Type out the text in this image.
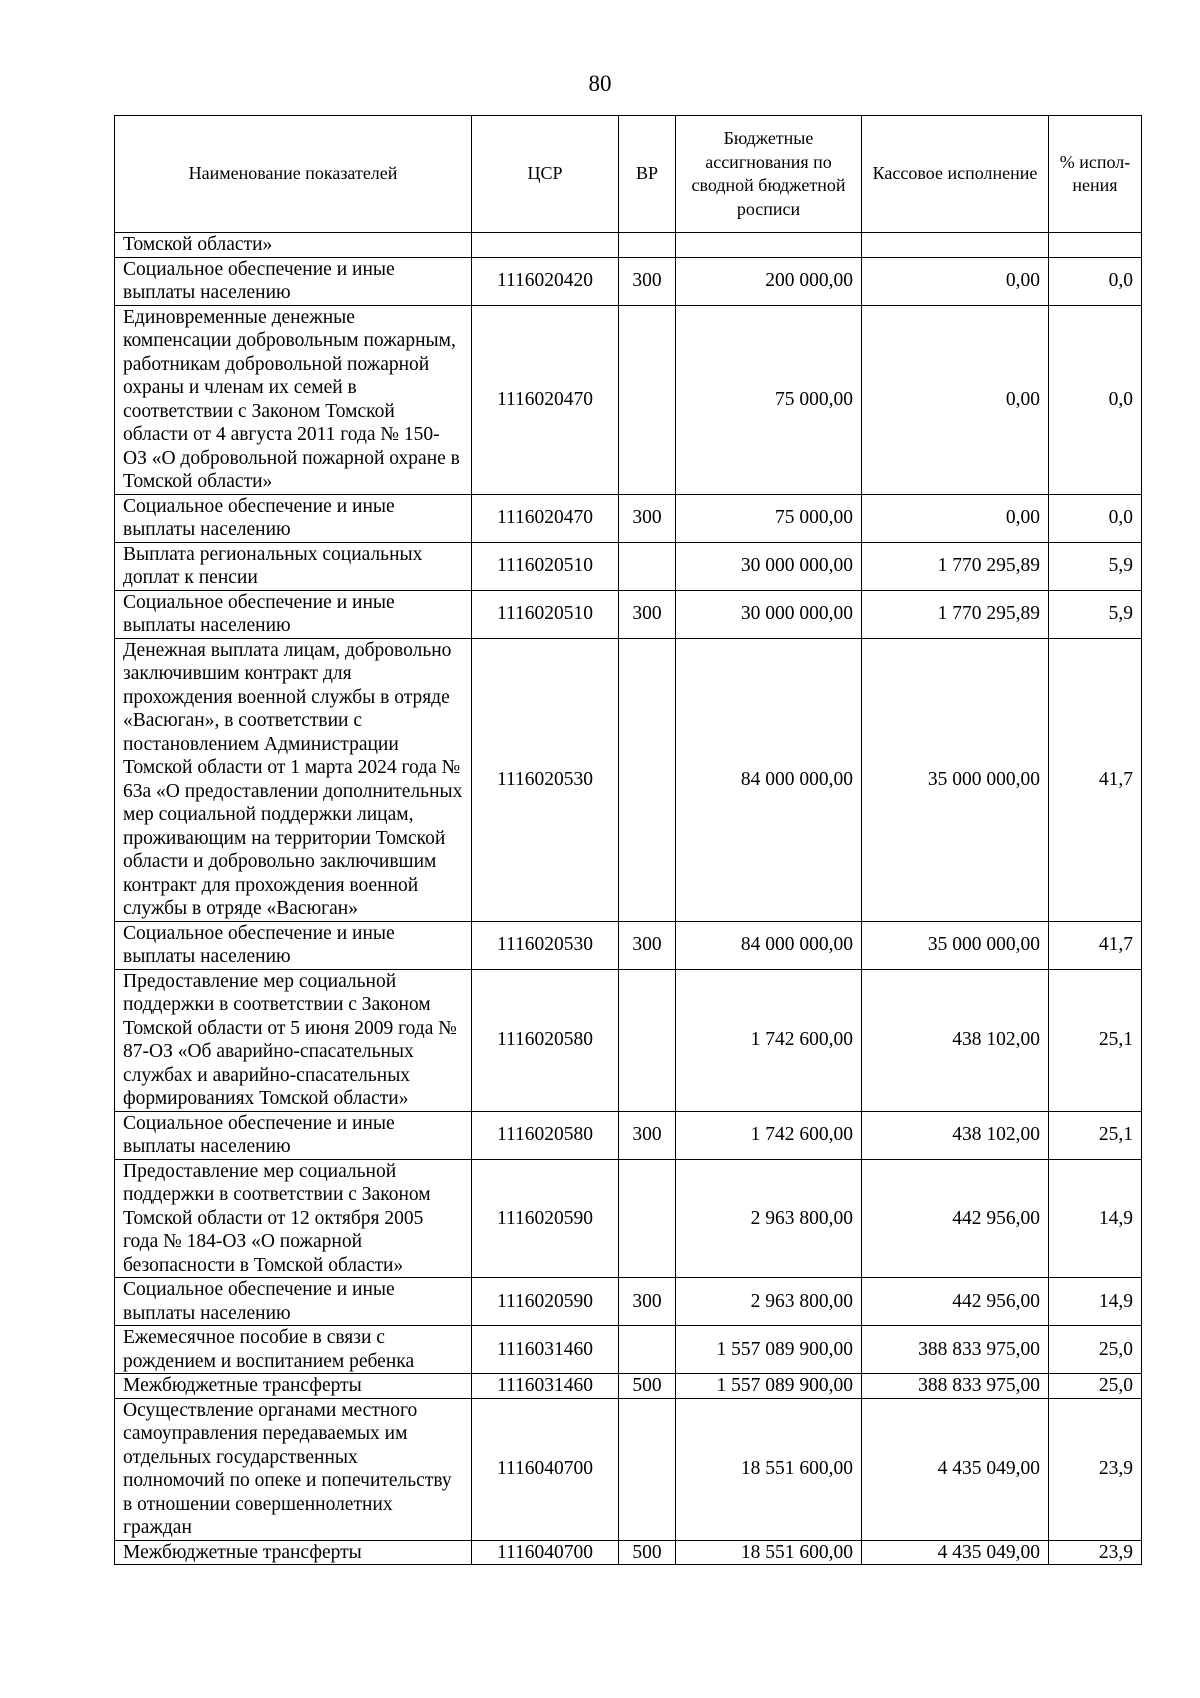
80
Наименование показателей	ЦСР	ВР	Бюджетные ассигнования по сводной бюджетной росписи	Кассовое исполнение	% испол-нения
Томской области»					
Социальное обеспечение и иные выплаты населению	1116020420	300	200 000,00	0,00	0,0
Единовременные денежные компенсации добровольным пожарным, работникам добровольной пожарной охраны и членам их семей в соответствии с Законом Томской области от 4 августа 2011 года № 150-ОЗ «О добровольной пожарной охране в Томской области»	1116020470		75 000,00	0,00	0,0
Социальное обеспечение и иные выплаты населению	1116020470	300	75 000,00	0,00	0,0
Выплата региональных социальных доплат к пенсии	1116020510		30 000 000,00	1 770 295,89	5,9
Социальное обеспечение и иные выплаты населению	1116020510	300	30 000 000,00	1 770 295,89	5,9
Денежная выплата лицам, добровольно заключившим контракт для прохождения военной службы в отряде «Васюган», в соответствии с постановлением Администрации Томской области от 1 марта 2024 года № 63а «О предоставлении дополнительных мер социальной поддержки лицам, проживающим на территории Томской области и добровольно заключившим контракт для прохождения военной службы в отряде «Васюган»	1116020530		84 000 000,00	35 000 000,00	41,7
Социальное обеспечение и иные выплаты населению	1116020530	300	84 000 000,00	35 000 000,00	41,7
Предоставление мер социальной поддержки в соответствии с Законом Томской области от 5 июня 2009 года № 87-ОЗ «Об аварийно-спасательных службах и аварийно-спасательных формированиях Томской области»	1116020580		1 742 600,00	438 102,00	25,1
Социальное обеспечение и иные выплаты населению	1116020580	300	1 742 600,00	438 102,00	25,1
Предоставление мер социальной поддержки в соответствии с Законом Томской области от 12 октября 2005 года № 184-ОЗ «О пожарной безопасности в Томской области»	1116020590		2 963 800,00	442 956,00	14,9
Социальное обеспечение и иные выплаты населению	1116020590	300	2 963 800,00	442 956,00	14,9
Ежемесячное пособие в связи с рождением и воспитанием ребенка	1116031460		1 557 089 900,00	388 833 975,00	25,0
Межбюджетные трансферты	1116031460	500	1 557 089 900,00	388 833 975,00	25,0
Осуществление органами местного самоуправления передаваемых им отдельных государственных полномочий по опеке и попечительству в отношении совершеннолетних граждан	1116040700		18 551 600,00	4 435 049,00	23,9
Межбюджетные трансферты	1116040700	500	18 551 600,00	4 435 049,00	23,9
